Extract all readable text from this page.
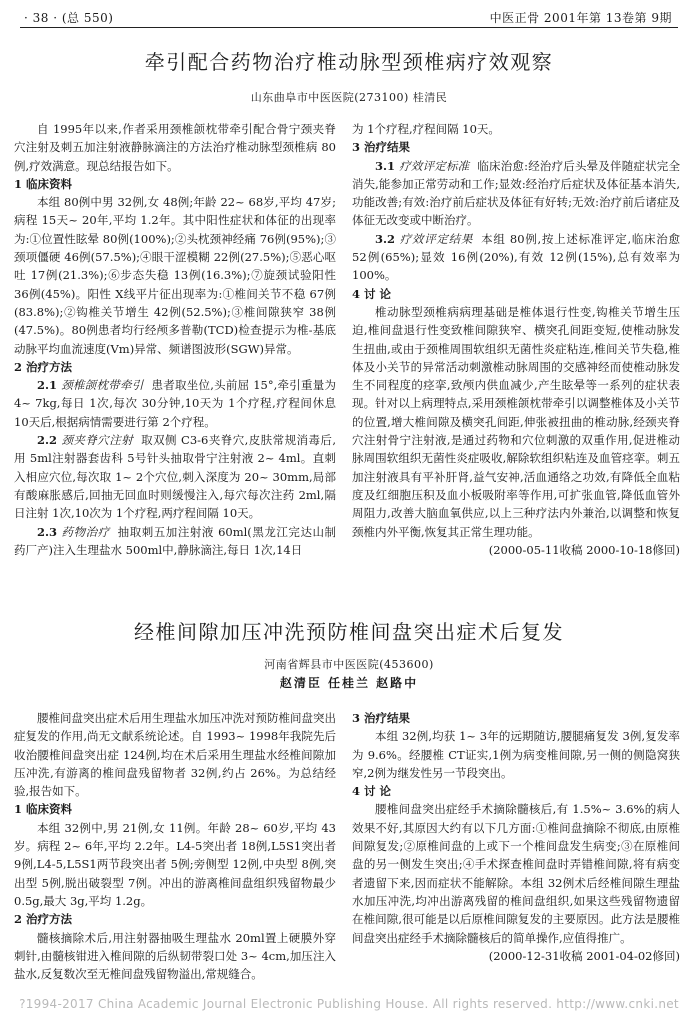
· 38 · (总 550)	中医正骨 2001年第 13卷第 9期
牵引配合药物治疗椎动脉型颈椎病疗效观察
山东曲阜市中医医院(273100) 桂清民

自 1995年以来,作者采用颈椎颌枕带牵引配合骨宁颈夹脊穴注射及刺五加注射液静脉滴注的方法治疗椎动脉型颈椎病 80例,疗效满意。现总结报告如下。

1 临床资料

本组 80例中男 32例,女 48例;年龄 22~ 68岁,平均 47岁;病程 15天~ 20年,平均 1.2年。其中阳性症状和体征的出现率为:①位置性眩晕 80例(100%);②头枕颈神经痛 76例(95%);③颈项僵硬 46例(57.5%);④眼干涩模糊 22例(27.5%);⑤恶心呕吐 17例(21.3%);⑥步态失稳 13例(16.3%);⑦旋颈试验阳性 36例(45%)。阳性 X线平片征出现率为:①椎间关节不稳 67例(83.8%);②钩椎关节增生 42例(52.5%);③椎间隙狭窄 38例(47.5%)。80例患者均行经颅多普勒(TCD)检查提示为椎-基底动脉平均血流速度(Vm)异常、频谱图波形(SGW)异常。

2 治疗方法

2.1 颈椎颌枕带牵引 患者取坐位,头前屈 15°,牵引重量为 4~ 7kg,每日 1次,每次 30分钟,10天为 1个疗程,疗程间休息 10天后,根据病情需要进行第 2个疗程。

2.2 颈夹脊穴注射 取双侧 C3-6夹脊穴,皮肤常规消毒后,用 5ml注射器套齿科 5号针头抽取骨宁注射液 2~ 4ml。直刺入相应穴位,每次取 1~ 2个穴位,刺入深度为 20~ 30mm,局部有酸麻胀感后,回抽无回血时则缓慢注入,每穴每次注药 2ml,隔日注射 1次,10次为 1个疗程,两疗程间隔 10天。

2.3 药物治疗 抽取刺五加注射液 60ml(黑龙江完达山制药厂产)注入生理盐水 500ml中,静脉滴注,每日 1次,14日

为 1个疗程,疗程间隔 10天。

3 治疗结果

3.1 疗效评定标准 临床治愈:经治疗后头晕及伴随症状完全消失,能参加正常劳动和工作;显效:经治疗后症状及体征基本消失,功能改善;有效:治疗前后症状及体征有好转;无效:治疗前后诸症及体征无改变或中断治疗。

3.2 疗效评定结果 本组 80例,按上述标准评定,临床治愈 52例(65%);显效 16例(20%),有效 12例(15%),总有效率为 100%。

4 讨 论

椎动脉型颈椎病病理基础是椎体退行性变,钩椎关节增生压迫,椎间盘退行性变致椎间隙狭窄、横突孔间距变短,使椎动脉发生扭曲,或由于颈椎周围软组织无菌性炎症粘连,椎间关节失稳,椎体及小关节的异常活动刺激椎动脉周围的交感神经而使椎动脉发生不同程度的痉挛,致颅内供血减少,产生眩晕等一系列的症状表现。针对以上病理特点,采用颈椎颌枕带牵引以调整椎体及小关节的位置,增大椎间隙及横突孔间距,伸张被扭曲的椎动脉,经颈夹脊穴注射骨宁注射液,是通过药物和穴位刺激的双重作用,促进椎动脉周围软组织无菌性炎症吸收,解除软组织粘连及血管痉挛。刺五加注射液具有平补肝肾,益气安神,活血通络之功效,有降低全血粘度及红细胞压积及血小板吸附率等作用,可扩张血管,降低血管外周阻力,改善大脑血氧供应,以上三种疗法内外兼治,以调整和恢复颈椎内外平衡,恢复其正常生理功能。

(2000-05-11收稿 2000-10-18修回)

经椎间隙加压冲洗预防椎间盘突出症术后复发
河南省辉县市中医医院(453600)
赵清臣 任桂兰 赵路中

腰椎间盘突出症术后用生理盐水加压冲洗对预防椎间盘突出症复发的作用,尚无文献系统论述。自 1993~ 1998年我院先后收治腰椎间盘突出症 124例,均在术后采用生理盐水经椎间隙加压冲洗,有游离的椎间盘残留物者 32例,约占 26%。为总结经验,报告如下。

1 临床资料

本组 32例中,男 21例,女 11例。年龄 28~ 60岁,平均 43岁。病程 2~ 6年,平均 2.2年。L4-5突出者 18例,L5S1突出者 9例,L4-5,L5S1两节段突出者 5例;旁侧型 12例,中央型 8例,突出型 5例,脱出破裂型 7例。冲出的游离椎间盘组织残留物最少 0.5g,最大 3g,平均 1.2g。

2 治疗方法

髓核摘除术后,用注射器抽吸生理盐水 20ml置上硬膜外穿刺针,由髓核钳进入椎间隙的后纵韧带裂口处 3~ 4cm,加压注入盐水,反复数次至无椎间盘残留物溢出,常规缝合。

3 治疗结果

本组 32例,均获 1~ 3年的远期随访,腰腿痛复发 3例,复发率为 9.6%。经腰椎 CT证实,1例为病变椎间隙,另一侧的侧隐窝狭窄,2例为继发性另一节段突出。

4 讨 论

腰椎间盘突出症经手术摘除髓核后,有 1.5%~ 3.6%的病人效果不好,其原因大约有以下几方面:①椎间盘摘除不彻底,由原椎间隙复发;②原椎间盘的上或下一个椎间盘发生病变;③在原椎间盘的另一侧发生突出;④手术探查椎间盘时弄错椎间隙,将有病变者遗留下来,因而症状不能解除。本组 32例术后经椎间隙生理盐水加压冲洗,均冲出游离残留的椎间盘组织,如果这些残留物遗留在椎间隙,很可能是以后原椎间隙复发的主要原因。此方法是腰椎间盘突出症经手术摘除髓核后的简单操作,应值得推广。

(2000-12-31收稿 2001-04-02修回)

?1994-2017 China Academic Journal Electronic Publishing House. All rights reserved. http://www.cnki.net
